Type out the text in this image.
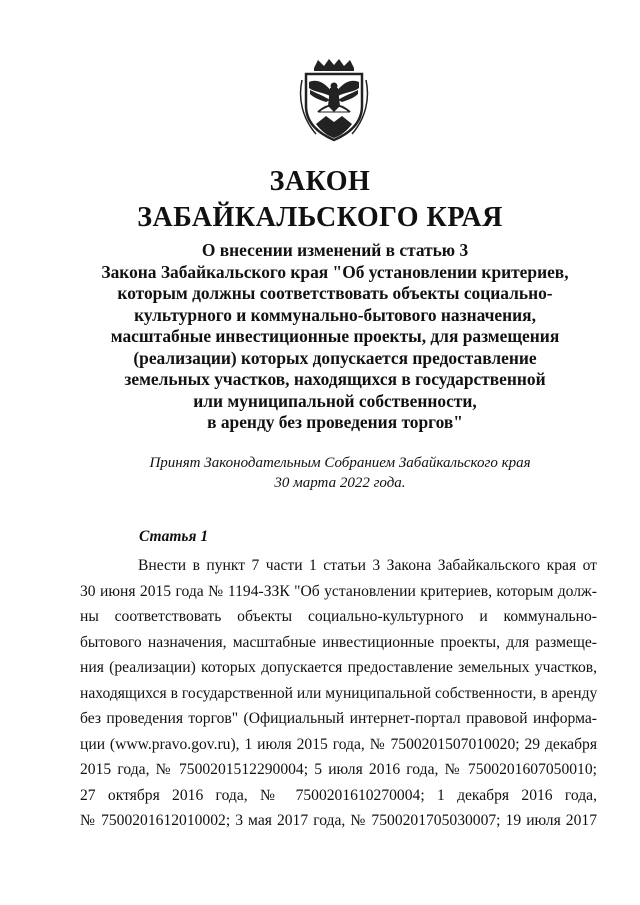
ЗАКОН
ЗАБАЙКАЛЬСКОГО КРАЯ
О внесении изменений в статью 3
Закона Забайкальского края "Об установлении критериев,
которым должны соответствовать объекты социально-
культурного и коммунально-бытового назначения,
масштабные инвестиционные проекты, для размещения
(реализации) которых допускается предоставление
земельных участков, находящихся в государственной
или муниципальной собственности,
в аренду без проведения торгов"
Принят Законодательным Собранием Забайкальского края
30 марта 2022 года.
Статья 1
Внести в пункт 7 части 1 статьи 3 Закона Забайкальского края от
30 июня 2015 года № 1194-ЗЗК "Об установлении критериев, которым долж-
ны соответствовать объекты социально-культурного и коммунально-
бытового назначения, масштабные инвестиционные проекты, для размеще-
ния (реализации) которых допускается предоставление земельных участков,
находящихся в государственной или муниципальной собственности, в аренду
без проведения торгов" (Официальный интернет-портал правовой информа-
ции (www.pravo.gov.ru), 1 июля 2015 года, № 7500201507010020; 29 декабря
2015 года, № 7500201512290004; 5 июля 2016 года, № 7500201607050010;
27 октября 2016 года, № 7500201610270004; 1 декабря 2016 года,
№ 7500201612010002; 3 мая 2017 года, № 7500201705030007; 19 июля 2017
